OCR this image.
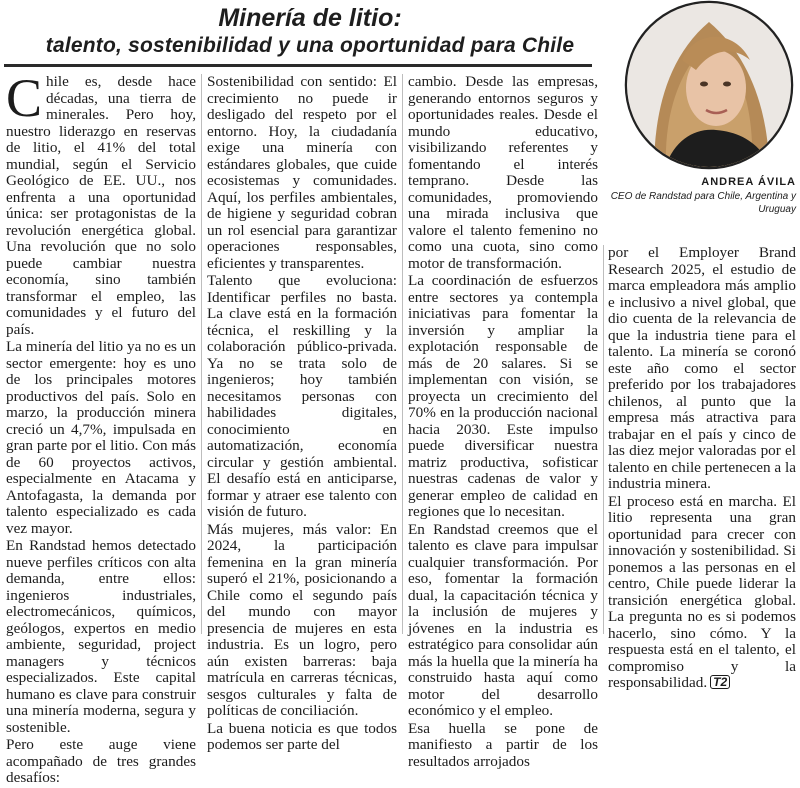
Minería de litio:
talento, sostenibilidad y una oportunidad para Chile
ANDREA ÁVILA
CEO de Randstad para Chile, Argentina y Uruguay

Chile es, desde hace décadas, una tierra de minerales. Pero hoy, nuestro liderazgo en reservas de litio, el 41% del total mundial, según el Servicio Geológico de EE. UU., nos enfrenta a una oportunidad única: ser protagonistas de la revolución energética global. Una revolución que no solo puede cambiar nuestra economía, sino también transformar el empleo, las comunidades y el futuro del país.

La minería del litio ya no es un sector emergente: hoy es uno de los principales motores productivos del país. Solo en marzo, la producción minera creció un 4,7%, impulsada en gran parte por el litio. Con más de 60 proyectos activos, especialmente en Atacama y Antofagasta, la demanda por talento especializado es cada vez mayor.

En Randstad hemos detectado nueve perfiles críticos con alta demanda, entre ellos: ingenieros industriales, electromecánicos, químicos, geólogos, expertos en medio ambiente, seguridad, project managers y técnicos especializados. Este capital humano es clave para construir una minería moderna, segura y sostenible.

Pero este auge viene acompañado de tres grandes desafíos:

Sostenibilidad con sentido: El crecimiento no puede ir desligado del respeto por el entorno. Hoy, la ciudadanía exige una minería con estándares globales, que cuide ecosistemas y comunidades. Aquí, los perfiles ambientales, de higiene y seguridad cobran un rol esencial para garantizar operaciones responsables, eficientes y transparentes.

Talento que evoluciona: Identificar perfiles no basta. La clave está en la formación técnica, el reskilling y la colaboración público-privada. Ya no se trata solo de ingenieros; hoy también necesitamos personas con habilidades digitales, conocimiento en automatización, economía circular y gestión ambiental. El desafío está en anticiparse, formar y atraer ese talento con visión de futuro.

Más mujeres, más valor: En 2024, la participación femenina en la gran minería superó el 21%, posicionando a Chile como el segundo país del mundo con mayor presencia de mujeres en esta industria. Es un logro, pero aún existen barreras: baja matrícula en carreras técnicas, sesgos culturales y falta de políticas de conciliación.

La buena noticia es que todos podemos ser parte del

cambio. Desde las empresas, generando entornos seguros y oportunidades reales. Desde el mundo educativo, visibilizando referentes y fomentando el interés temprano. Desde las comunidades, promoviendo una mirada inclusiva que valore el talento femenino no como una cuota, sino como motor de transformación.

La coordinación de esfuerzos entre sectores ya contempla iniciativas para fomentar la inversión y ampliar la explotación responsable de más de 20 salares. Si se implementan con visión, se proyecta un crecimiento del 70% en la producción nacional hacia 2030. Este impulso puede diversificar nuestra matriz productiva, sofisticar nuestras cadenas de valor y generar empleo de calidad en regiones que lo necesitan.

En Randstad creemos que el talento es clave para impulsar cualquier transformación. Por eso, fomentar la formación dual, la capacitación técnica y la inclusión de mujeres y jóvenes en la industria es estratégico para consolidar aún más la huella que la minería ha construido hasta aquí como motor del desarrollo económico y el empleo.

Esa huella se pone de manifiesto a partir de los resultados arrojados

por el Employer Brand Research 2025, el estudio de marca empleadora más amplio e inclusivo a nivel global, que dio cuenta de la relevancia de que la industria tiene para el talento. La minería se coronó este año como el sector preferido por los trabajadores chilenos, al punto que la empresa más atractiva para trabajar en el país y cinco de las diez mejor valoradas por el talento en chile pertenecen a la industria minera.

El proceso está en marcha. El litio representa una gran oportunidad para crecer con innovación y sostenibilidad. Si ponemos a las personas en el centro, Chile puede liderar la transición energética global. La pregunta no es si podemos hacerlo, sino cómo. Y la respuesta está en el talento, el compromiso y la responsabilidad. T2
